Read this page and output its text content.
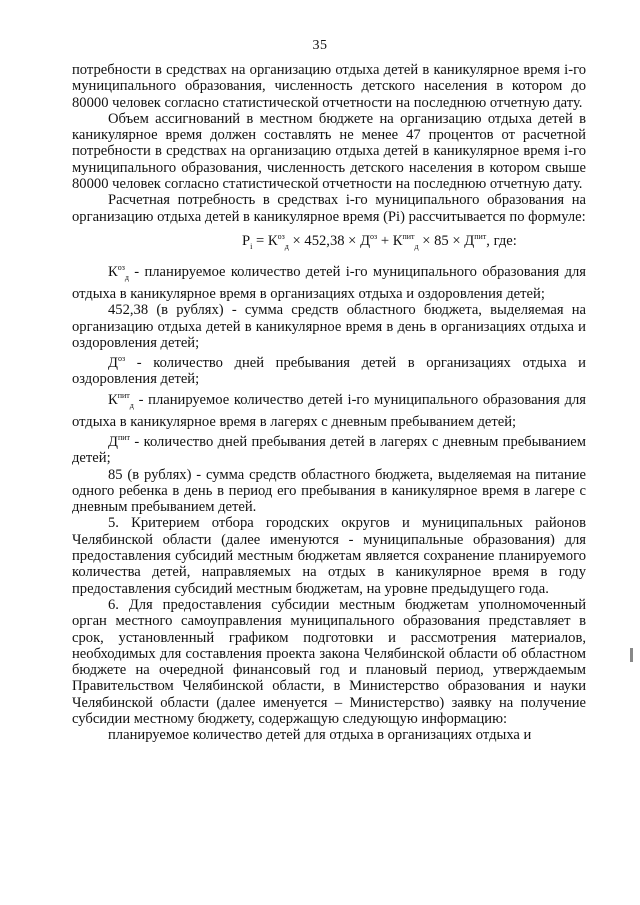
35

потребности в средствах на организацию отдыха детей в каникулярное время i-го муниципального образования, численность детского населения в котором до 80000 человек согласно статистической отчетности на последнюю отчетную дату.

Объем ассигнований в местном бюджете на организацию отдыха детей в каникулярное время должен составлять не менее 47 процентов от расчетной потребности в средствах на организацию отдыха детей в каникулярное время i-го муниципального образования, численность детского населения в котором свыше 80000 человек согласно статистической отчетности на последнюю отчетную дату.

Расчетная потребность в средствах i-го муниципального образования на организацию отдыха детей в каникулярное время (Pi) рассчитывается по формуле:

$P_i = К^{оз}_д \times 452,38 \times Д^{оз} + К^{пит}_д \times 85 \times Д^{пит}$, где:

$К^{оз}_д$ - планируемое количество детей i-го муниципального образования для отдыха в каникулярное время в организациях отдыха и оздоровления детей;

452,38 (в рублях) - сумма средств областного бюджета, выделяемая на организацию отдыха детей в каникулярное время в день в организациях отдыха и оздоровления детей;

$Д^{оз}$ - количество дней пребывания детей в организациях отдыха и оздоровления детей;

$К^{пит}_д$ - планируемое количество детей i-го муниципального образования для отдыха в каникулярное время в лагерях с дневным пребыванием детей;

$Д^{пит}$ - количество дней пребывания детей в лагерях с дневным пребыванием детей;

85 (в рублях) - сумма средств областного бюджета, выделяемая на питание одного ребенка в день в период его пребывания в каникулярное время в лагере с дневным пребыванием детей.

5. Критерием отбора городских округов и муниципальных районов Челябинской области (далее именуются - муниципальные образования) для предоставления субсидий местным бюджетам является сохранение планируемого количества детей, направляемых на отдых в каникулярное время в году предоставления субсидий местным бюджетам, на уровне предыдущего года.

6. Для предоставления субсидии местным бюджетам уполномоченный орган местного самоуправления муниципального образования представляет в срок, установленный графиком подготовки и рассмотрения материалов, необходимых для составления проекта закона Челябинской области об областном бюджете на очередной финансовый год и плановый период, утверждаемым Правительством Челябинской области, в Министерство образования и науки Челябинской области (далее именуется – Министерство) заявку на получение субсидии местному бюджету, содержащую следующую информацию:

планируемое количество детей для отдыха в организациях отдыха и
